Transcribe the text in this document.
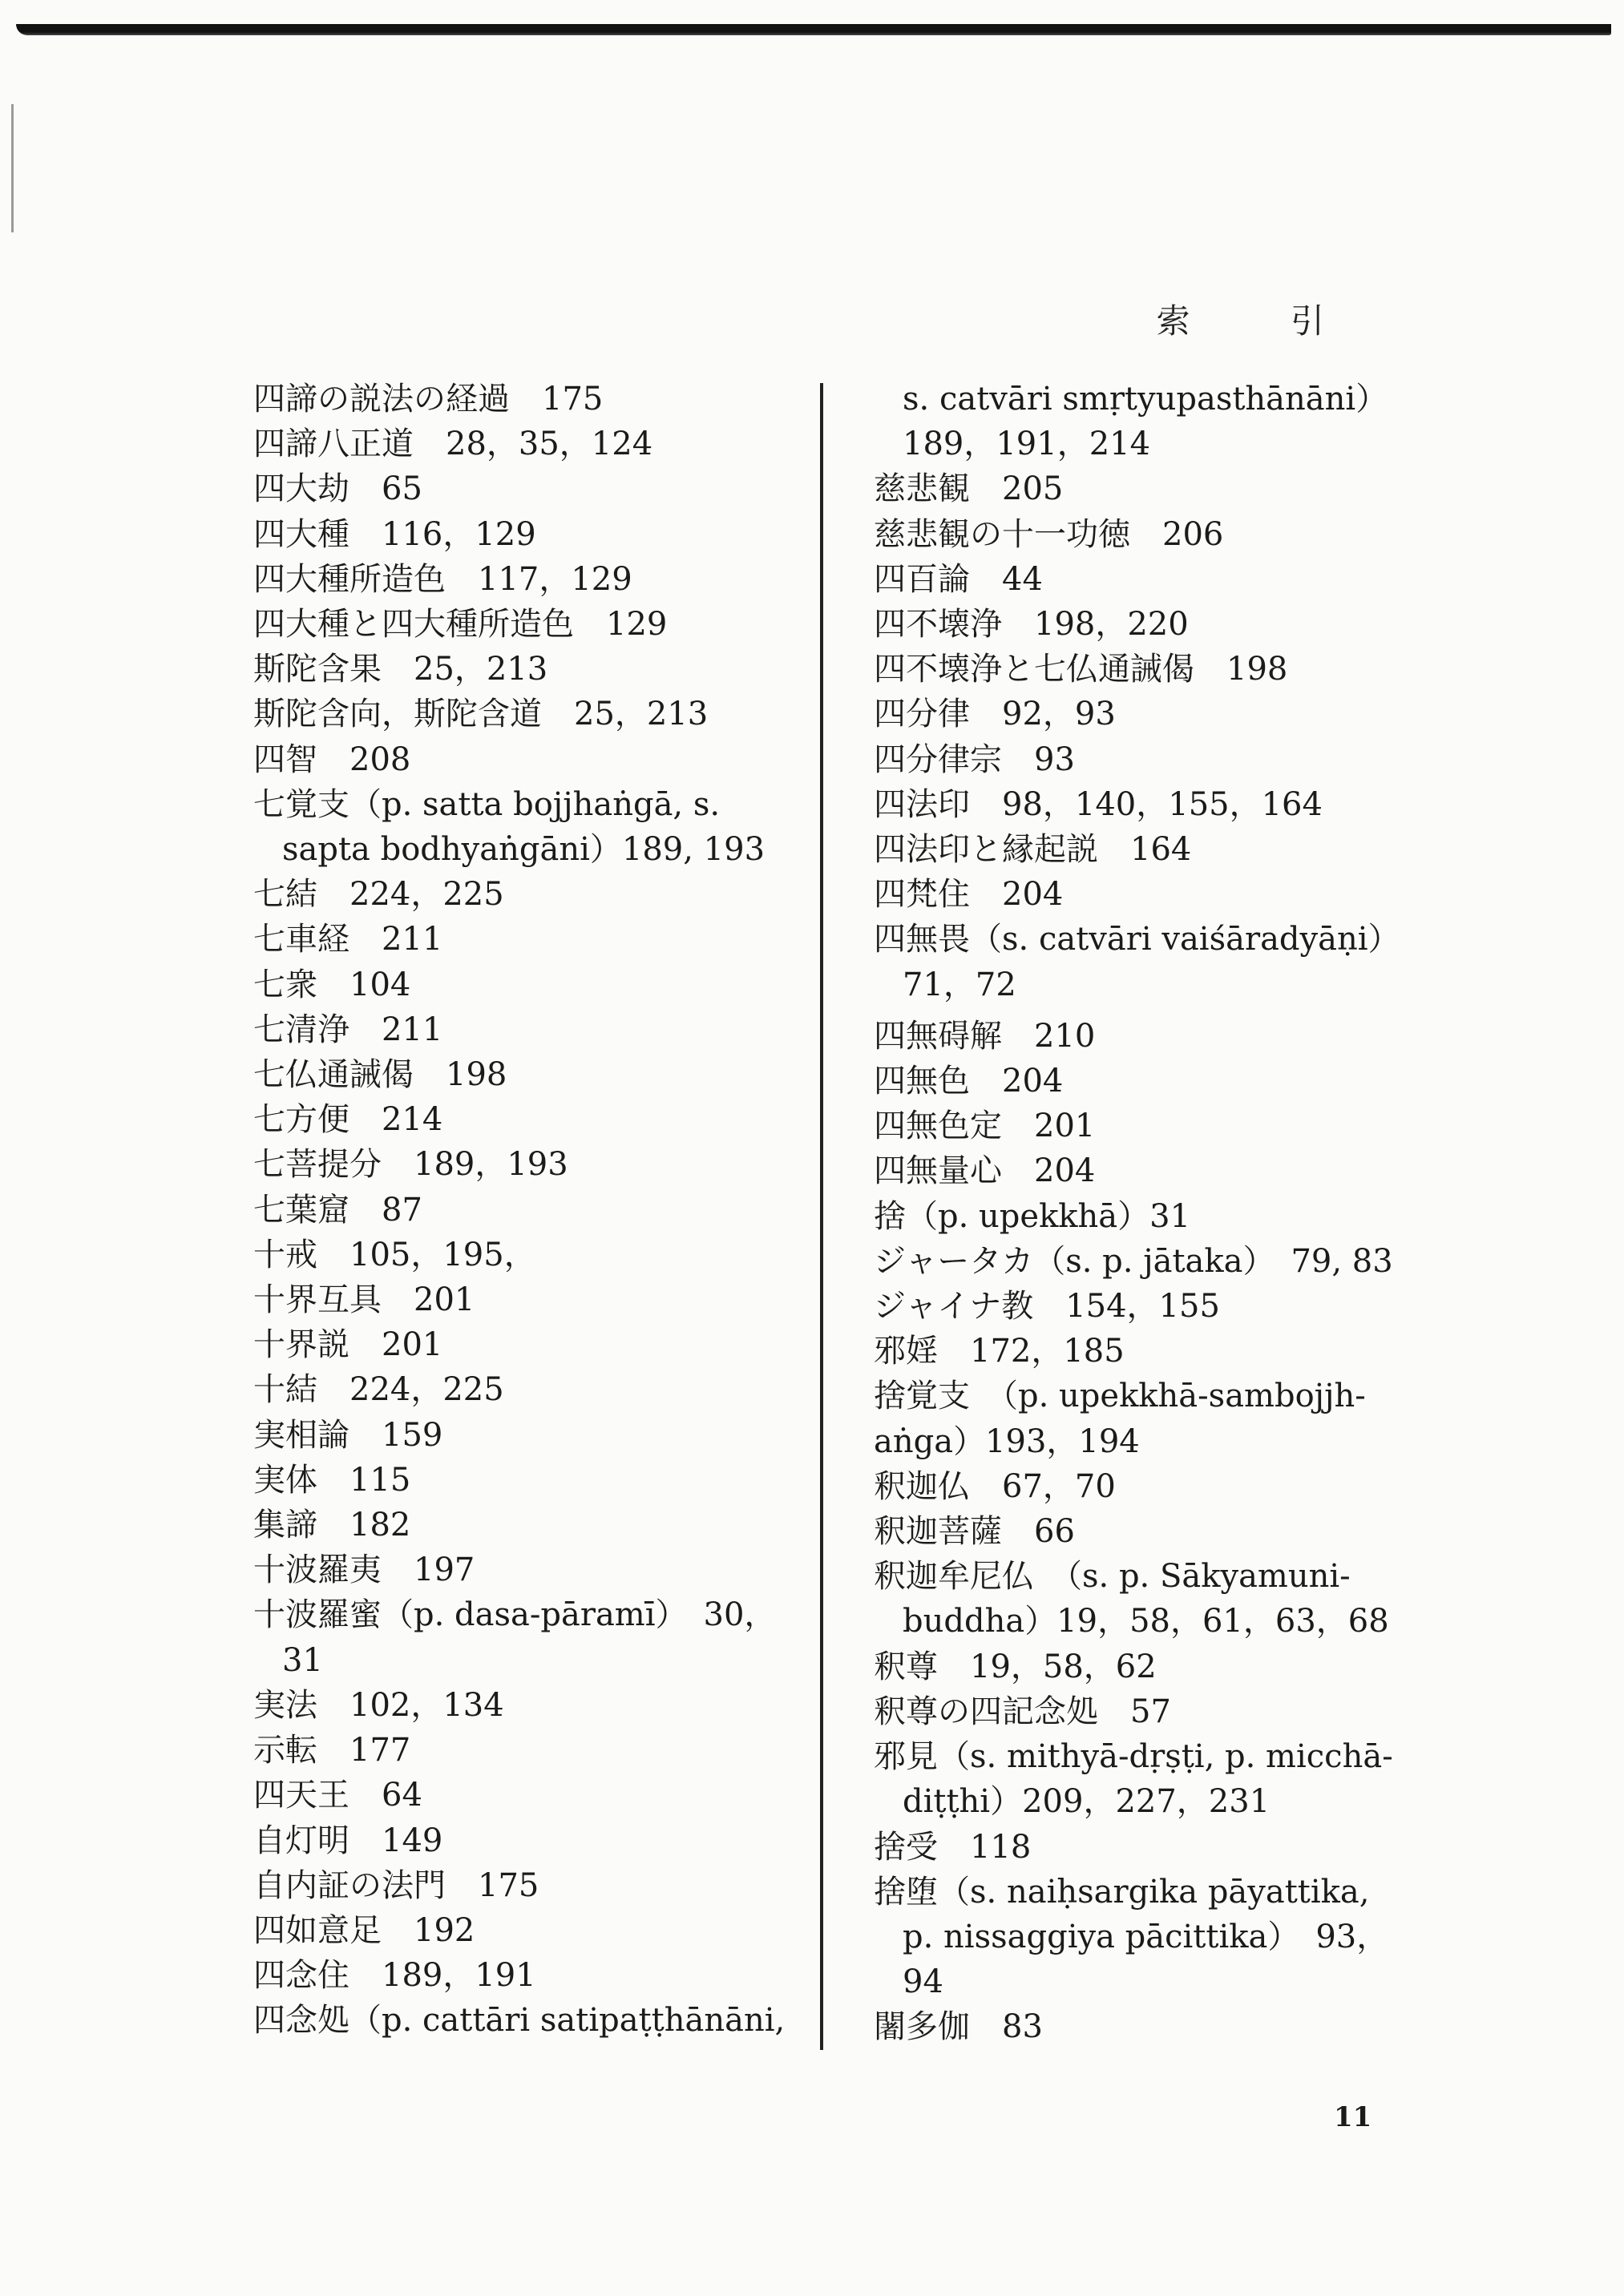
索 引
四諦の説法の経過　175
四諦八正道　28，35，124
四大劫　65
四大種　116，129
四大種所造色　117，129
四大種と四大種所造色　129
斯陀含果　25，213
斯陀含向，斯陀含道　25，213
四智　208
七覚支（p. satta bojjhaṅgā, s.
sapta bodhyaṅgāni）189, 193
七結　224，225
七車経　211
七衆　104
七清浄　211
七仏通誡偈　198
七方便　214
七菩提分　189，193
七葉窟　87
十戒　105，195，
十界互具　201
十界説　201
十結　224，225
実相論　159
実体　115
集諦　182
十波羅夷　197
十波羅蜜（p. dasa-pāramī）　30，
31
実法　102，134
示転　177
四天王　64
自灯明　149
自内証の法門　175
四如意足　192
四念住　189，191
四念処（p. cattāri satipaṭṭhānāni,
s. catvāri smṛtyupasthānāni）
189，191，214
慈悲観　205
慈悲観の十一功徳　206
四百論　44
四不壊浄　198，220
四不壊浄と七仏通誡偈　198
四分律　92，93
四分律宗　93
四法印　98，140，155，164
四法印と縁起説　164
四梵住　204
四無畏（s. catvāri vaiśāradyāṇi）
71，72
四無碍解　210
四無色　204
四無色定　201
四無量心　204
捨（p. upekkhā）31
ジャータカ（s. p. jātaka）　79, 83
ジャイナ教　154，155
邪婬　172，185
捨覚支　（p. upekkhā-sambojjh-
aṅga）193，194
釈迦仏　67，70
釈迦菩薩　66
釈迦牟尼仏　（s. p. Sākyamuni-
buddha）19，58，61，63，68
釈尊　19，58，62
釈尊の四記念処　57
邪見（s. mithyā-dṛṣṭi, p. micchā-
diṭṭhi）209，227，231
捨受　118
捨堕（s. naiḥsargika pāyattika,
p. nissaggiya pācittika）　93，
94
闍多伽　83
11
